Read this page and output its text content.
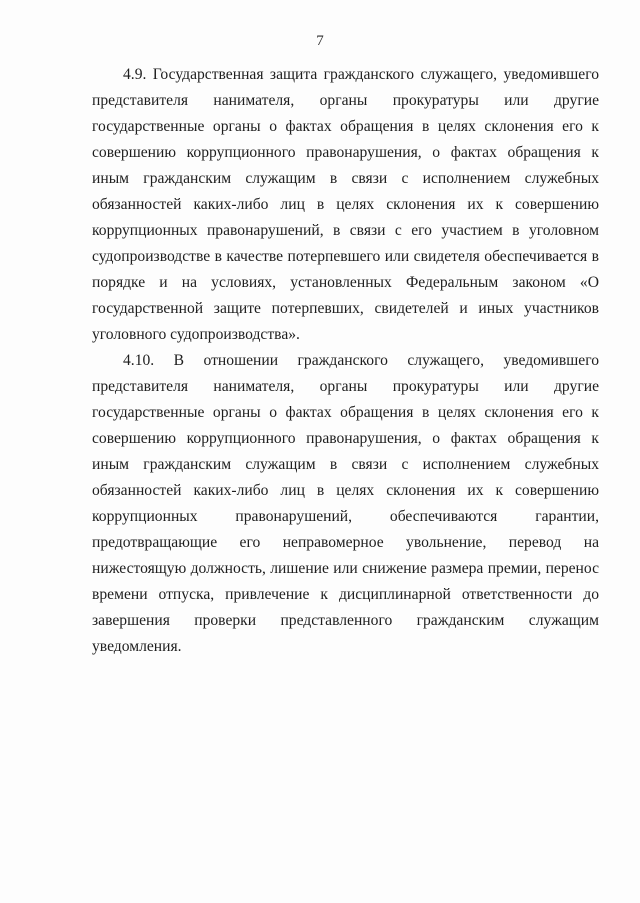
7

4.9. Государственная защита гражданского служащего, уведомившего представителя нанимателя, органы прокуратуры или другие государственные органы о фактах обращения в целях склонения его к совершению коррупционного правонарушения, о фактах обращения к иным гражданским служащим в связи с исполнением служебных обязанностей каких-либо лиц в целях склонения их к совершению коррупционных правонарушений, в связи с его участием в уголовном судопроизводстве в качестве потерпевшего или свидетеля обеспечивается в порядке и на условиях, установленных Федеральным законом «О государственной защите потерпевших, свидетелей и иных участников уголовного судопроизводства».

4.10. В отношении гражданского служащего, уведомившего представителя нанимателя, органы прокуратуры или другие государственные органы о фактах обращения в целях склонения его к совершению коррупционного правонарушения, о фактах обращения к иным гражданским служащим в связи с исполнением служебных обязанностей каких-либо лиц в целях склонения их к совершению коррупционных правонарушений, обеспечиваются гарантии, предотвращающие его неправомерное увольнение, перевод на нижестоящую должность, лишение или снижение размера премии, перенос времени отпуска, привлечение к дисциплинарной ответственности до завершения проверки представленного гражданским служащим уведомления.
